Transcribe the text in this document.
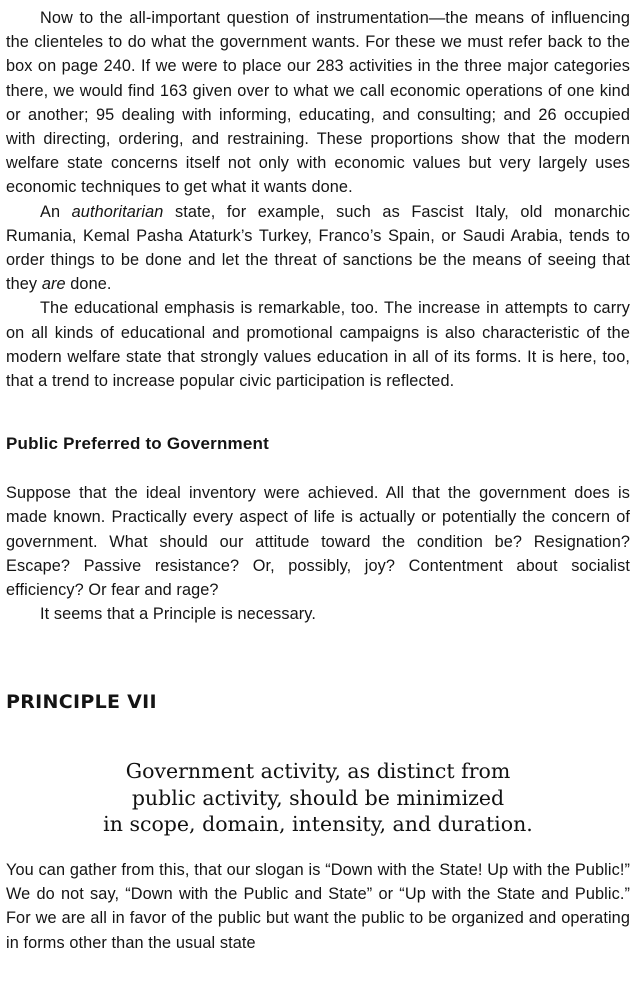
Now to the all-important question of instrumentation—the means of influencing the clienteles to do what the government wants. For these we must refer back to the box on page 240. If we were to place our 283 activities in the three major categories there, we would find 163 given over to what we call economic operations of one kind or another; 95 dealing with informing, educating, and consulting; and 26 occupied with directing, ordering, and restraining. These proportions show that the modern welfare state concerns itself not only with economic values but very largely uses economic techniques to get what it wants done.

An authoritarian state, for example, such as Fascist Italy, old monarchic Rumania, Kemal Pasha Ataturk’s Turkey, Franco’s Spain, or Saudi Arabia, tends to order things to be done and let the threat of sanctions be the means of seeing that they are done.

The educational emphasis is remarkable, too. The increase in attempts to carry on all kinds of educational and promotional campaigns is also characteristic of the modern welfare state that strongly values education in all of its forms. It is here, too, that a trend to increase popular civic participation is reflected.

Public Preferred to Government

Suppose that the ideal inventory were achieved. All that the government does is made known. Practically every aspect of life is actually or potentially the concern of government. What should our attitude toward the condition be? Resignation? Escape? Passive resistance? Or, possibly, joy? Contentment about socialist efficiency? Or fear and rage?

It seems that a Principle is necessary.

PRINCIPLE VII
Government activity, as distinct from
public activity, should be minimized
in scope, domain, intensity, and duration.

You can gather from this, that our slogan is “Down with the State! Up with the Public!” We do not say, “Down with the Public and State” or “Up with the State and Public.” For we are all in favor of the public but want the public to be organized and operating in forms other than the usual state
